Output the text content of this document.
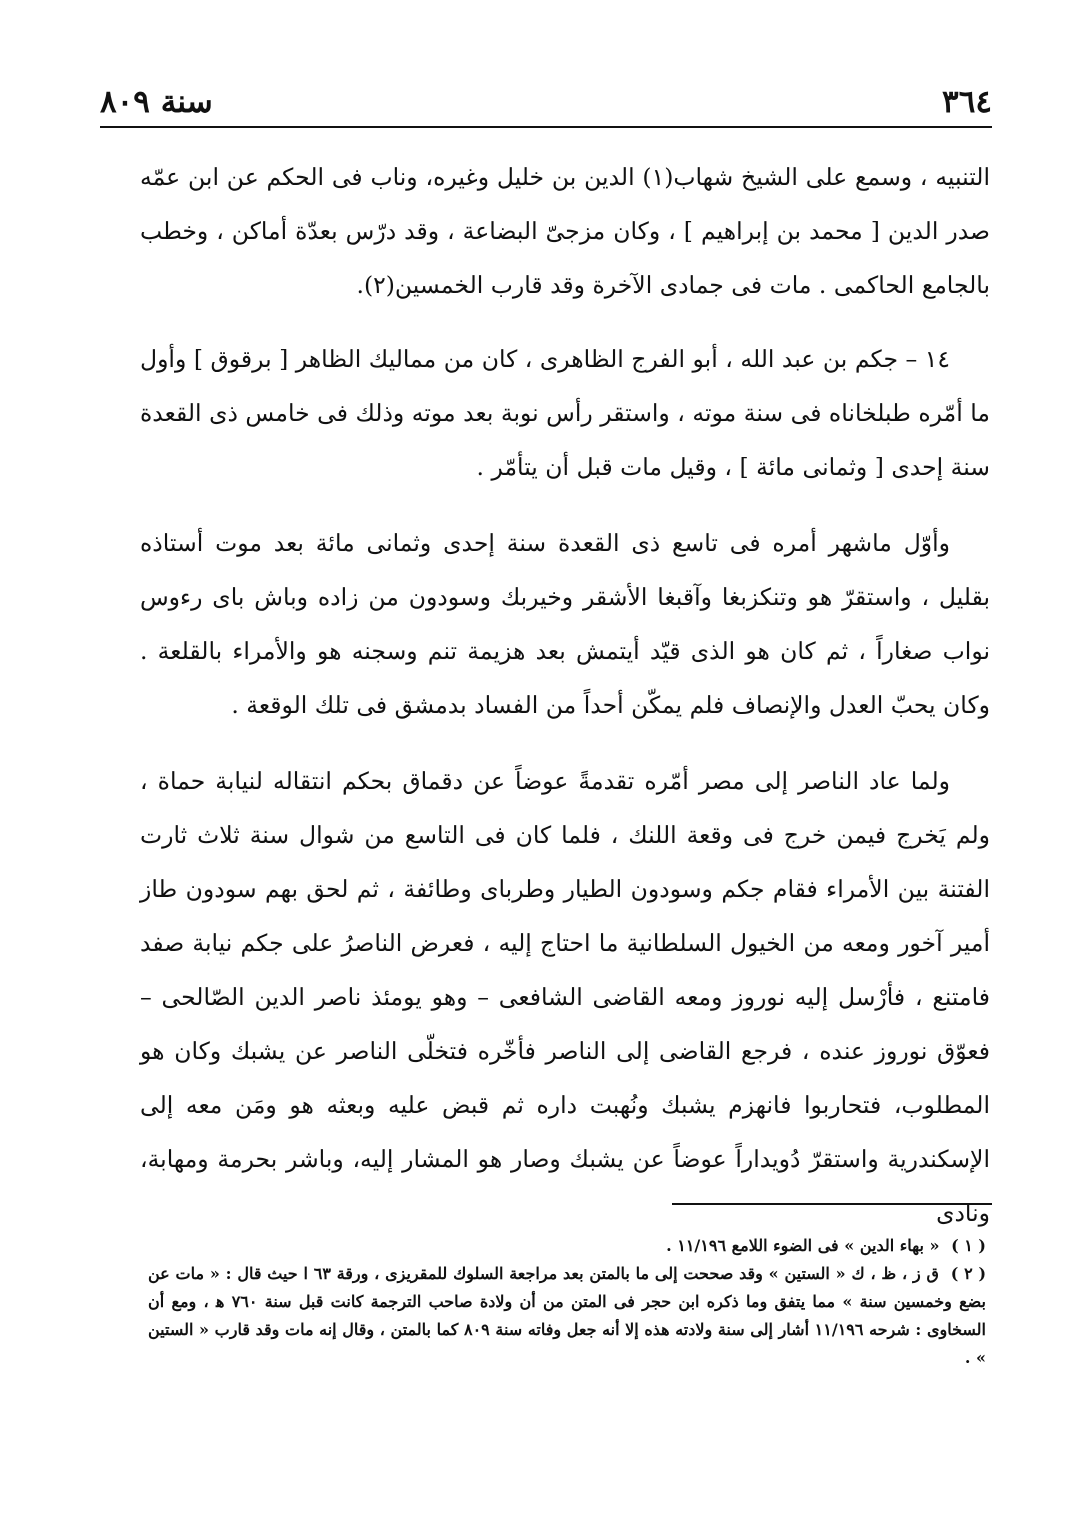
٣٦٤
سنة ٨٠٩

التنبيه ، وسمع على الشيخ شهاب(١) الدين بن خليل وغيره، وناب فى الحكم عن ابن عمّه صدر الدين [ محمد بن إبراهيم ] ، وكان مزجىّ البضاعة ، وقد درّس بعدّة أماكن ، وخطب بالجامع الحاكمى . مات فى جمادى الآخرة وقد قارب الخمسين(٢).

١٤ – جكم بن عبد الله ، أبو الفرج الظاهرى ، كان من مماليك الظاهر [ برقوق ] وأول ما أمّره طبلخاناه فى سنة موته ، واستقر رأس نوبة بعد موته وذلك فى خامس ذى القعدة سنة إحدى [ وثمانى مائة ] ، وقيل مات قبل أن يتأمّر .

وأوّل ماشهر أمره فى تاسع ذى القعدة سنة إحدى وثمانى مائة بعد موت أستاذه بقليل ، واستقرّ هو وتنكزبغا وآقبغا الأشقر وخيربك وسودون من زاده وباش باى رءوس نواب صغاراً ، ثم كان هو الذى قيّد أيتمش بعد هزيمة تنم وسجنه هو والأمراء بالقلعة . وكان يحبّ العدل والإنصاف فلم يمكّن أحداً من الفساد بدمشق فى تلك الوقعة .

ولما عاد الناصر إلى مصر أمّره تقدمةً عوضاً عن دقماق بحكم انتقاله لنيابة حماة ، ولم يَخرج فيمن خرج فى وقعة اللنك ، فلما كان فى التاسع من شوال سنة ثلاث ثارت الفتنة بين الأمراء فقام جكم وسودون الطيار وطرباى وطائفة ، ثم لحق بهم سودون طاز أمير آخور ومعه من الخيول السلطانية ما احتاج إليه ، فعرض الناصرُ على جكم نيابة صفد فامتنع ، فأرْسل إليه نوروز ومعه القاضى الشافعى – وهو يومئذ ناصر الدين الصّالحى – فعوّق نوروز عنده ، فرجع القاضى إلى الناصر فأخّره فتخلّى الناصر عن يشبك وكان هو المطلوب، فتحاربوا فانهزم يشبك ونُهبت داره ثم قبض عليه وبعثه هو ومَن معه إلى الإسكندرية واستقرّ دُويداراً عوضاً عن يشبك وصار هو المشار إليه، وباشر بحرمة ومهابة، ونادى

( ١ ) « بهاء الدين » فى الضوء اللامع ١١/١٩٦ .

( ٢ ) ق ز ، ظ ، ك « الستين » وقد صححت إلى ما بالمتن بعد مراجعة السلوك للمقريزى ، ورقة ٦٣ ا حيث قال : « مات عن بضع وخمسين سنة » مما يتفق وما ذكره ابن حجر فى المتن من أن ولادة صاحب الترجمة كانت قبل سنة ٧٦٠ ﻫ ، ومع أن السخاوى : شرحه ١١/١٩٦ أشار إلى سنة ولادته هذه إلا أنه جعل وفاته سنة ٨٠٩ كما بالمتن ، وقال إنه مات وقد قارب « الستين » .
